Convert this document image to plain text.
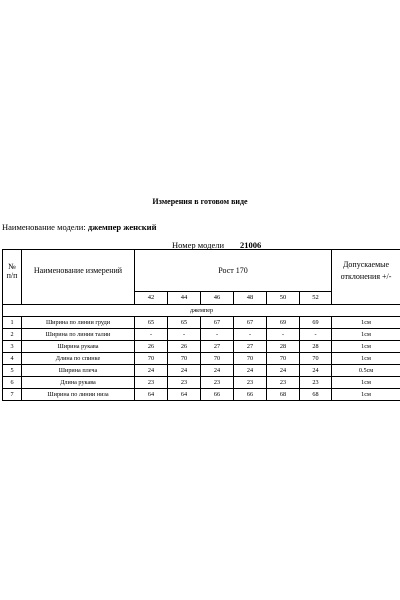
Измерения в готовом виде
Наименование модели: джемпер женский
Номер модели 21006
№
п/п	Наименование измерений	Рост 170						Допускаемые отклонения +/-
		42	44	46	48	50	52	
джемпер								
1	Ширина по линии груди	65	65	67	67	69	69	1см
2	Ширина по линии талии	-	-	-	-	-	-	1см
3	Ширина рукава	26	26	27	27	28	28	1см
4	Длина по спинке	70	70	70	70	70	70	1см
5	Ширина плеча	24	24	24	24	24	24	0.5см
6	Длина рукава	23	23	23	23	23	23	1см
7	Ширина по линии низа	64	64	66	66	68	68	1см
